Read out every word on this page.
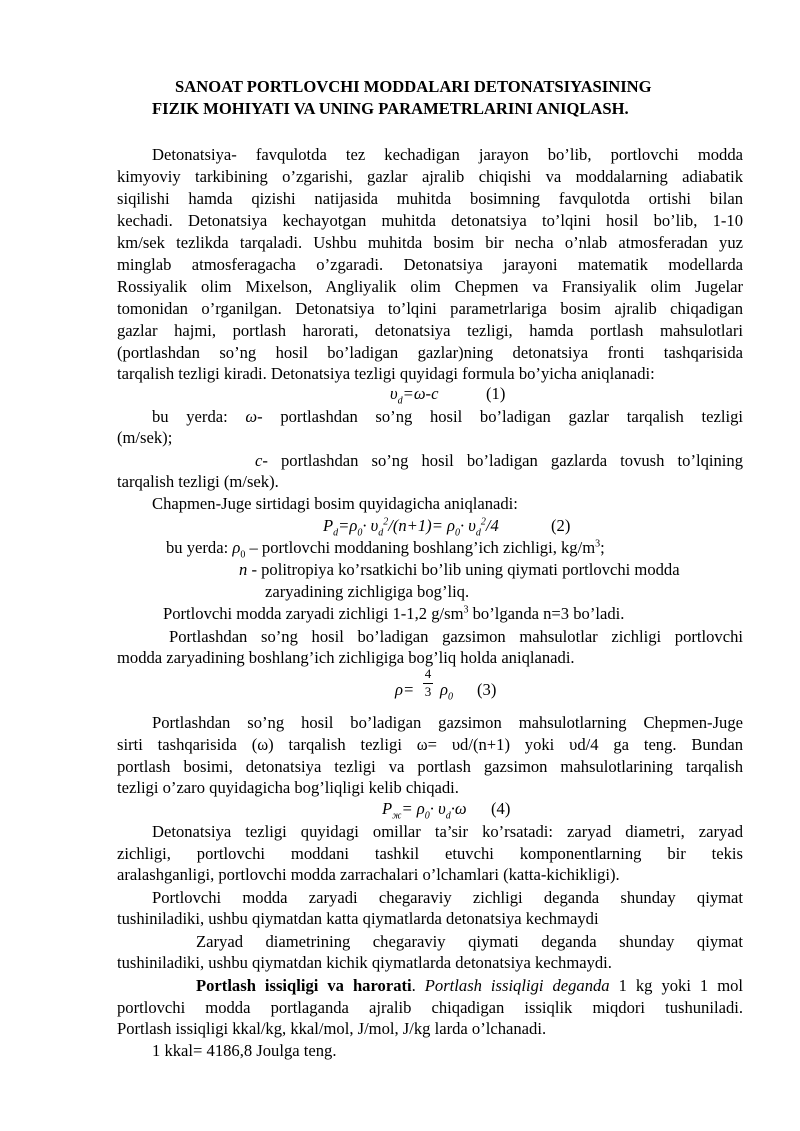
SANOAT PORTLOVCHI MODDALARI DETONATSIYASINING
FIZIK MOHIYATI VA UNING PARAMETRLARINI ANIQLASH.
Detonatsiya- favqulotda tez kechadigan jarayon bo’lib, portlovchi modda
kimyoviy tarkibining o’zgarishi, gazlar ajralib chiqishi va moddalarning adiabatik
siqilishi hamda qizishi natijasida muhitda bosimning favqulotda ortishi bilan
kechadi. Detonatsiya kechayotgan muhitda detonatsiya to’lqini hosil bo’lib, 1-10
km/sek tezlikda tarqaladi. Ushbu muhitda bosim bir necha o’nlab atmosferadan yuz
minglab atmosferagacha o’zgaradi. Detonatsiya jarayoni matematik modellarda
Rossiyalik olim Mixelson, Angliyalik olim Chepmen va Fransiyalik olim Jugelar
tomonidan o’rganilgan. Detonatsiya to’lqini parametrlariga bosim ajralib chiqadigan
gazlar hajmi, portlash harorati, detonatsiya tezligi, hamda portlash mahsulotlari
(portlashdan so’ng hosil bo’ladigan gazlar)ning detonatsiya fronti tashqarisida
tarqalish tezligi kiradi. Detonatsiya tezligi quyidagi formula bo’yicha aniqlanadi:
$\upsilon_d=\omega-c$	(1)
bu yerda: ω- portlashdan so’ng hosil bo’ladigan gazlar tarqalish tezligi
(m/sek);
c- portlashdan so’ng hosil bo’ladigan gazlarda tovush to’lqining
tarqalish tezligi (m/sek).
Chapmen-Juge sirtidagi bosim quyidagicha aniqlanadi:
$P_d=\rho_0\cdot \upsilon_d^2/(n+1)= \rho_0\cdot \upsilon_d^2/4$	(2)
bu yerda: $\rho_0$ – portlovchi moddaning boshlang’ich zichligi, $kg/m^3$;
n - politropiya ko’rsatkichi bo’lib uning qiymati portlovchi modda
zaryadining zichligiga bog’liq.
Portlovchi modda zaryadi zichligi 1-1,2 $g/sm^3$ bo’lganda n=3 bo’ladi.
Portlashdan so’ng hosil bo’ladigan gazsimon mahsulotlar zichligi portlovchi
modda zaryadining boshlang’ich zichligiga bog’liq holda aniqlanadi.
ρ=
4
3 $\rho_0$ (3)
Portlashdan so’ng hosil bo’ladigan gazsimon mahsulotlarning Chepmen-Juge
sirti tashqarisida (ω) tarqalish tezligi ω= υd/(n+1) yoki υd/4 ga teng. Bundan
portlash bosimi, detonatsiya tezligi va portlash gazsimon mahsulotlarining tarqalish
tezligi o’zaro quyidagicha bog’liqligi kelib chiqadi.
$P_ж= \rho_0\cdot \upsilon_d\cdot\omega$ (4)
Detonatsiya tezligi quyidagi omillar ta’sir ko’rsatadi: zaryad diametri, zaryad
zichligi, portlovchi moddani tashkil etuvchi komponentlarning bir tekis
aralashganligi, portlovchi modda zarrachalari o’lchamlari (katta-kichikligi).
Portlovchi modda zaryadi chegaraviy zichligi deganda shunday qiymat
tushiniladiki, ushbu qiymatdan katta qiymatlarda detonatsiya kechmaydi
Zaryad diametrining chegaraviy qiymati deganda shunday qiymat
tushiniladiki, ushbu qiymatdan kichik qiymatlarda detonatsiya kechmaydi.
Portlash issiqligi va harorati. Portlash issiqligi deganda 1 kg yoki 1 mol
portlovchi modda portlaganda ajralib chiqadigan issiqlik miqdori tushuniladi.
Portlash issiqligi kkal/kg, kkal/mol, J/mol, J/kg larda o’lchanadi.
1 kkal= 4186,8 Joulga teng.
